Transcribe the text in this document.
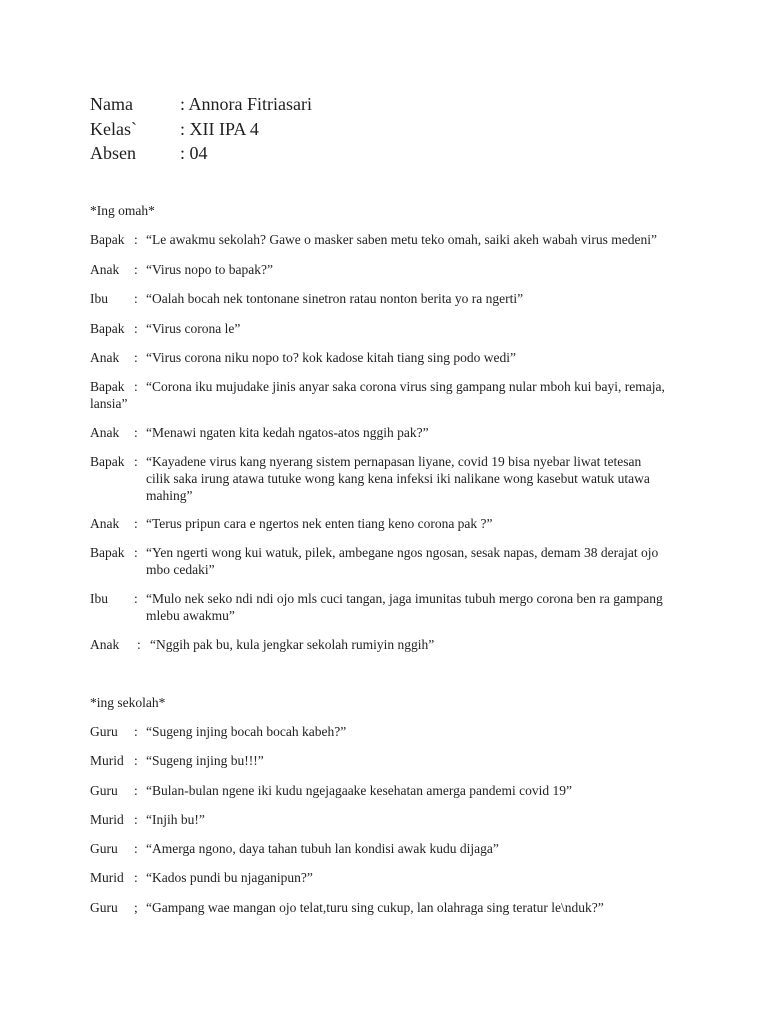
Nama	: Annora Fitriasari
Kelas` : XII IPA 4
Absen : 04
*Ing omah*
Bapak : “Le awakmu sekolah? Gawe o masker saben metu teko omah, saiki akeh wabah virus medeni”
Anak : “Virus nopo to bapak?”
Ibu : “Oalah bocah nek tontonane sinetron ratau nonton berita yo ra ngerti”
Bapak : “Virus corona le”
Anak : “Virus corona niku nopo to? kok kadose kitah tiang sing podo wedi”
Bapak : “Corona iku mujudake jinis anyar saka corona virus sing gampang nular mboh kui bayi, remaja,
lansia”
Anak : “Menawi ngaten kita kedah ngatos-atos nggih pak?”
Bapak : “Kayadene virus kang nyerang sistem pernapasan liyane, covid 19 bisa nyebar liwat tetesan
cilik saka irung atawa tutuke wong kang kena infeksi iki nalikane wong kasebut watuk utawa
mahing”
Anak : “Terus pripun cara e ngertos nek enten tiang keno corona pak ?”
Bapak : “Yen ngerti wong kui watuk, pilek, ambegane ngos ngosan, sesak napas, demam 38 derajat ojo
mbo cedaki”
Ibu : “Mulo nek seko ndi ndi ojo mls cuci tangan, jaga imunitas tubuh mergo corona ben ra gampang
mlebu awakmu”
Anak : “Nggih pak bu, kula jengkar sekolah rumiyin nggih”
*ing sekolah*
Guru : “Sugeng injing bocah bocah kabeh?”
Murid : “Sugeng injing bu!!!”
Guru : “Bulan-bulan ngene iki kudu ngejagaake kesehatan amerga pandemi covid 19”
Murid : “Injih bu!”
Guru : “Amerga ngono, daya tahan tubuh lan kondisi awak kudu dijaga”
Murid : “Kados pundi bu njaganipun?”
Guru ; “Gampang wae mangan ojo telat,turu sing cukup, lan olahraga sing teratur le\nduk?”
